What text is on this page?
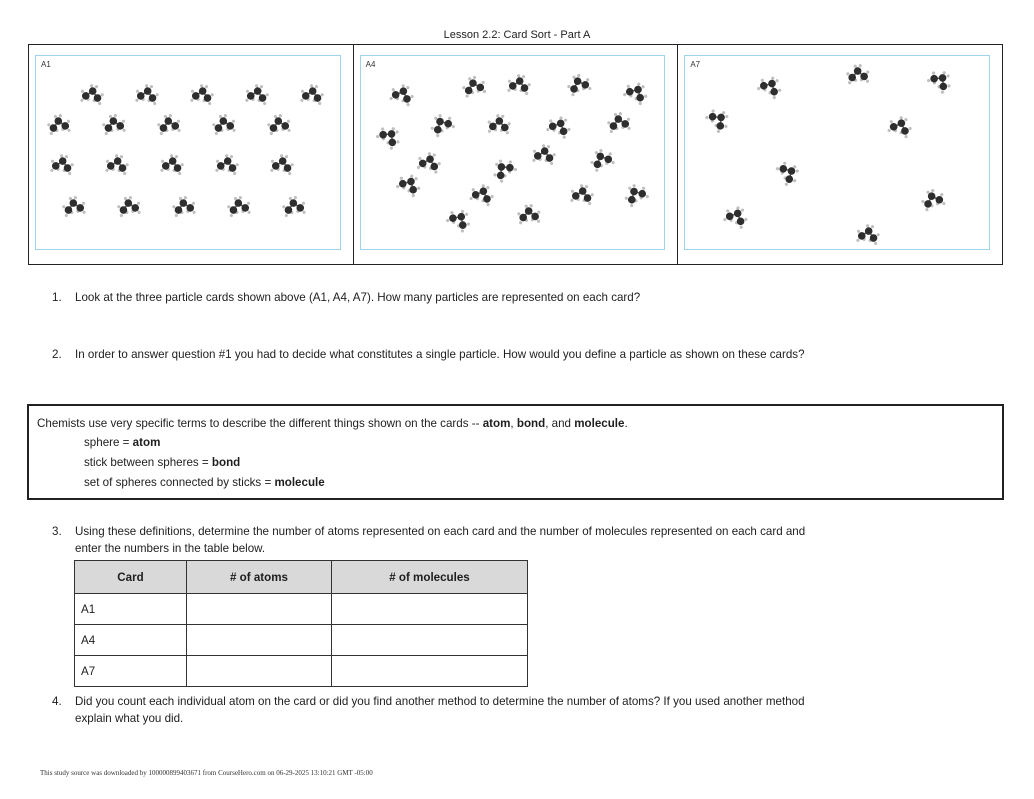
Lesson 2.2: Card Sort - Part A
A1	A4	A7
1.	Look at the three particle cards shown above (A1, A4, A7). How many particles are represented on each card?
2.	In order to answer question #1 you had to decide what constitutes a single particle. How would you define a particle as shown on these cards?
Chemists use very specific terms to describe the different things shown on the cards -- atom, bond, and molecule.
sphere = atom
stick between spheres = bond
set of spheres connected by sticks = molecule
3.	Using these definitions, determine the number of atoms represented on each card and the number of molecules represented on each card and
enter the numbers in the table below.
Card	# of atoms	# of molecules
A1		
A4		
A7		
4.	Did you count each individual atom on the card or did you find another method to determine the number of atoms? If you used another method
explain what you did.
This study source was downloaded by 100000899403671 from CourseHero.com on 06-29-2025 13:10:21 GMT -05:00
